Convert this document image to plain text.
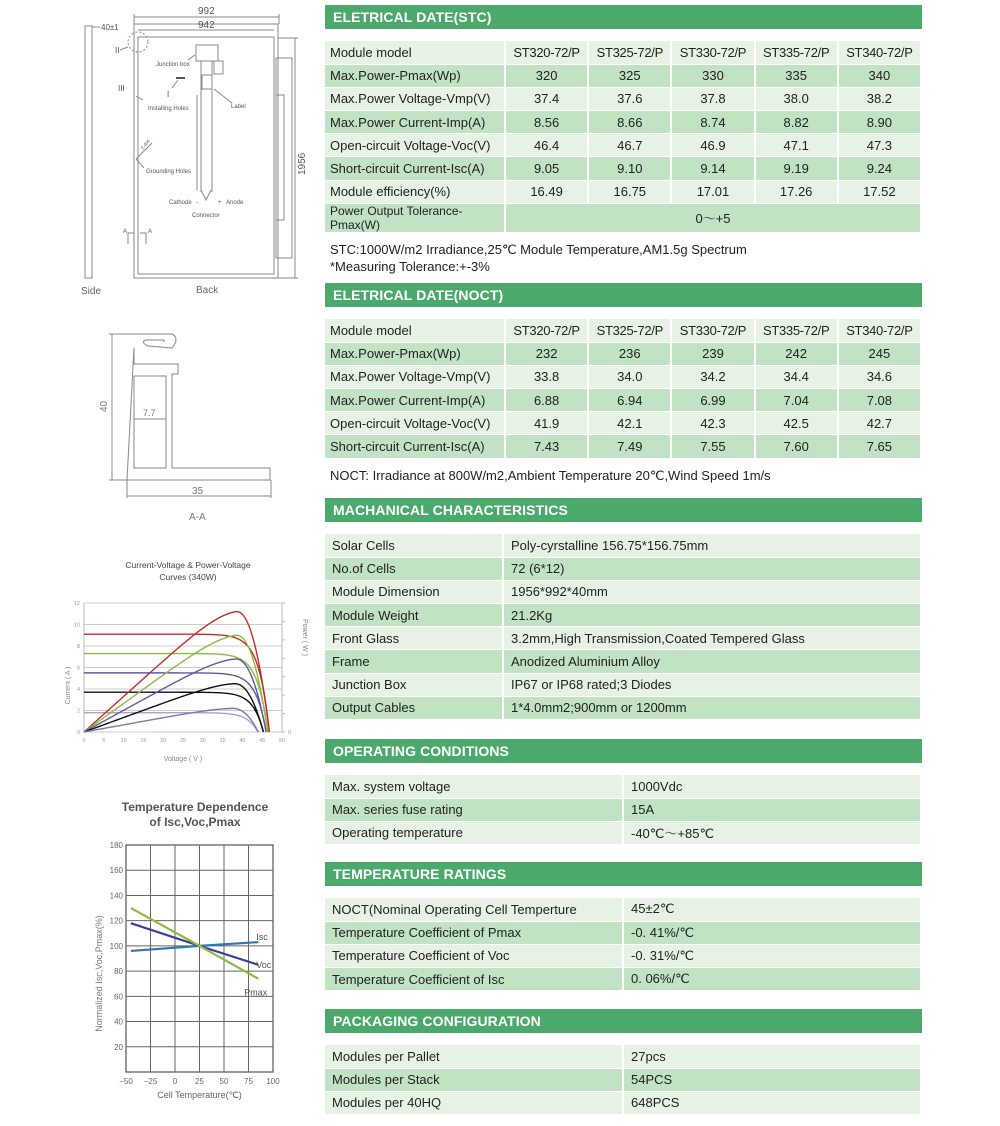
992
942
40±1
1956
II
III
I
Junction box
Installing Holes	Label
2-Φ4
Grounding Holes
Cathode -	+ Anode
Connector
A	A
Side	Back
40
7.7
35
A-A
Current-Voltage & Power-Voltage
Curves (340W)
0
2
4
6
8
10
12
0
0	5	10 15 20 25 30 35 40 45 50
Voltage ( V )
Current ( A )
Power ( W )
Temperature Dependence
of Isc,Voc,Pmax
20
40
60
80
100
120
140
160
180
−50 −25 0 25 50 75 100
Cell Temperature(℃)
Normalized Isc,Voc,Pmax(%)	Isc
Voc
Pmax
ELETRICAL DATE(STC)
Module model	ST320-72/P	ST325-72/P	ST330-72/P	ST335-72/P	ST340-72/P
Max.Power-Pmax(Wp)	320	325	330	335	340
Max.Power Voltage-Vmp(V)	37.4	37.6	37.8	38.0	38.2
Max.Power Current-Imp(A)	8.56	8.66	8.74	8.82	8.90
Open-circuit Voltage-Voc(V)	46.4	46.7	46.9	47.1	47.3
Short-circuit Current-Isc(A)	9.05	9.10	9.14	9.19	9.24
Module efficiency(%)	16.49	16.75	17.01	17.26	17.52
Power Output Tolerance-Pmax(W)	0～+5				
STC:1000W/m2 Irradiance,25℃ Module Temperature,AM1.5g Spectrum
*Measuring Tolerance:+-3%
ELETRICAL DATE(NOCT)
Module model	ST320-72/P	ST325-72/P	ST330-72/P	ST335-72/P	ST340-72/P
Max.Power-Pmax(Wp)	232	236	239	242	245
Max.Power Voltage-Vmp(V)	33.8	34.0	34.2	34.4	34.6
Max.Power Current-Imp(A)	6.88	6.94	6.99	7.04	7.08
Open-circuit Voltage-Voc(V)	41.9	42.1	42.3	42.5	42.7
Short-circuit Current-Isc(A)	7.43	7.49	7.55	7.60	7.65
NOCT: Irradiance at 800W/m2,Ambient Temperature 20℃,Wind Speed 1m/s
MACHANICAL CHARACTERISTICS
Solar Cells	Poly-cyrstalline 156.75*156.75mm
No.of Cells	72 (6*12)
Module Dimension	1956*992*40mm
Module Weight	21.2Kg
Front Glass	3.2mm,High Transmission,Coated Tempered Glass
Frame	Anodized Aluminium Alloy
Junction Box	IP67 or IP68 rated;3 Diodes
Output Cables	1*4.0mm2;900mm or 1200mm
OPERATING CONDITIONS
Max. system voltage	1000Vdc
Max. series fuse rating	15A
Operating temperature	-40℃～+85℃
TEMPERATURE RATINGS
NOCT(Nominal Operating Cell Temperture	45±2℃
Temperature Coefficient of Pmax	-0. 41%/℃
Temperature Coefficient of Voc	-0. 31%/℃
Temperature Coefficient of Isc	0. 06%/℃
PACKAGING CONFIGURATION
Modules per Pallet	27pcs
Modules per Stack	54PCS
Modules per 40HQ	648PCS
